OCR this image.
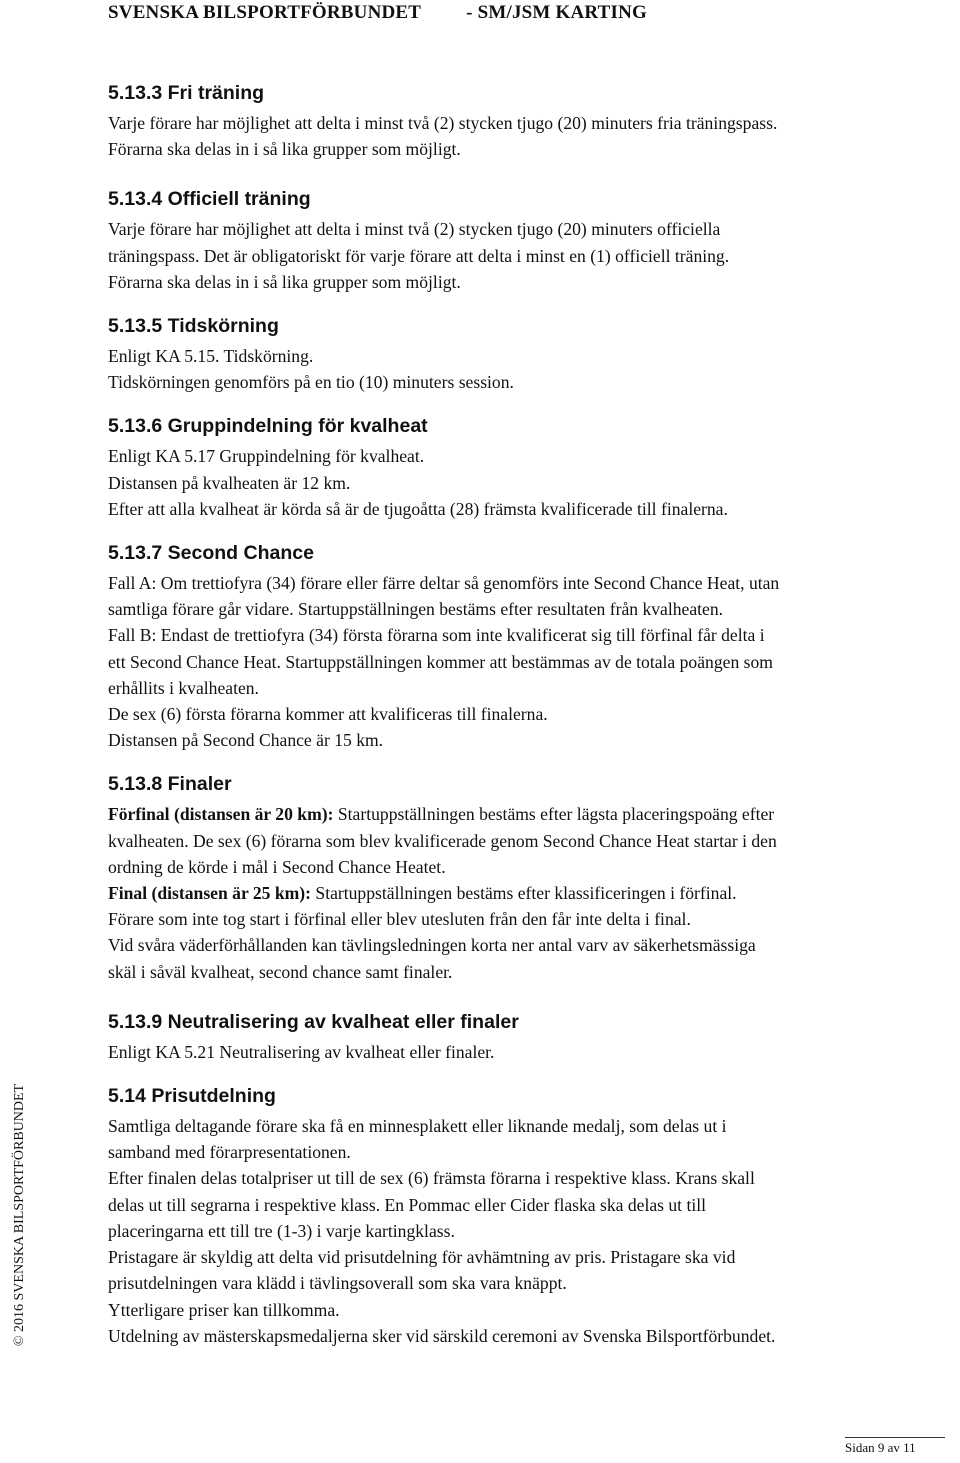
SVENSKA BILSPORTFÖRBUNDET - SM/JSM KARTING
5.13.3 Fri träning

Varje förare har möjlighet att delta i minst två (2) stycken tjugo (20) minuters fria träningspass.

Förarna ska delas in i så lika grupper som möjligt.

5.13.4 Officiell träning

Varje förare har möjlighet att delta i minst två (2) stycken tjugo (20) minuters officiella

träningspass. Det är obligatoriskt för varje förare att delta i minst en (1) officiell träning.

Förarna ska delas in i så lika grupper som möjligt.

5.13.5 Tidskörning

Enligt KA 5.15. Tidskörning.

Tidskörningen genomförs på en tio (10) minuters session.

5.13.6 Gruppindelning för kvalheat

Enligt KA 5.17 Gruppindelning för kvalheat.

Distansen på kvalheaten är 12 km.

Efter att alla kvalheat är körda så är de tjugoåtta (28) främsta kvalificerade till finalerna.

5.13.7 Second Chance

Fall A: Om trettiofyra (34) förare eller färre deltar så genomförs inte Second Chance Heat, utan

samtliga förare går vidare. Startuppställningen bestäms efter resultaten från kvalheaten.

Fall B: Endast de trettiofyra (34) första förarna som inte kvalificerat sig till förfinal får delta i

ett Second Chance Heat. Startuppställningen kommer att bestämmas av de totala poängen som

erhållits i kvalheaten.

De sex (6) första förarna kommer att kvalificeras till finalerna.

Distansen på Second Chance är 15 km.

5.13.8 Finaler

Förfinal (distansen är 20 km): Startuppställningen bestäms efter lägsta placeringspoäng efter

kvalheaten. De sex (6) förarna som blev kvalificerade genom Second Chance Heat startar i den

ordning de körde i mål i Second Chance Heatet.

Final (distansen är 25 km): Startuppställningen bestäms efter klassificeringen i förfinal.

Förare som inte tog start i förfinal eller blev utesluten från den får inte delta i final.

Vid svåra väderförhållanden kan tävlingsledningen korta ner antal varv av säkerhetsmässiga

skäl i såväl kvalheat, second chance samt finaler.

5.13.9 Neutralisering av kvalheat eller finaler

Enligt KA 5.21 Neutralisering av kvalheat eller finaler.

5.14 Prisutdelning

Samtliga deltagande förare ska få en minnesplakett eller liknande medalj, som delas ut i

samband med förarpresentationen.

Efter finalen delas totalpriser ut till de sex (6) främsta förarna i respektive klass. Krans skall

delas ut till segrarna i respektive klass. En Pommac eller Cider flaska ska delas ut till

placeringarna ett till tre (1-3) i varje kartingklass.

Pristagare är skyldig att delta vid prisutdelning för avhämtning av pris. Pristagare ska vid

prisutdelningen vara klädd i tävlingsoverall som ska vara knäppt.

Ytterligare priser kan tillkomma.

Utdelning av mästerskapsmedaljerna sker vid särskild ceremoni av Svenska Bilsportförbundet.

© 2016 SVENSKA BILSPORTFÖRBUNDET
Sidan 9 av 11
